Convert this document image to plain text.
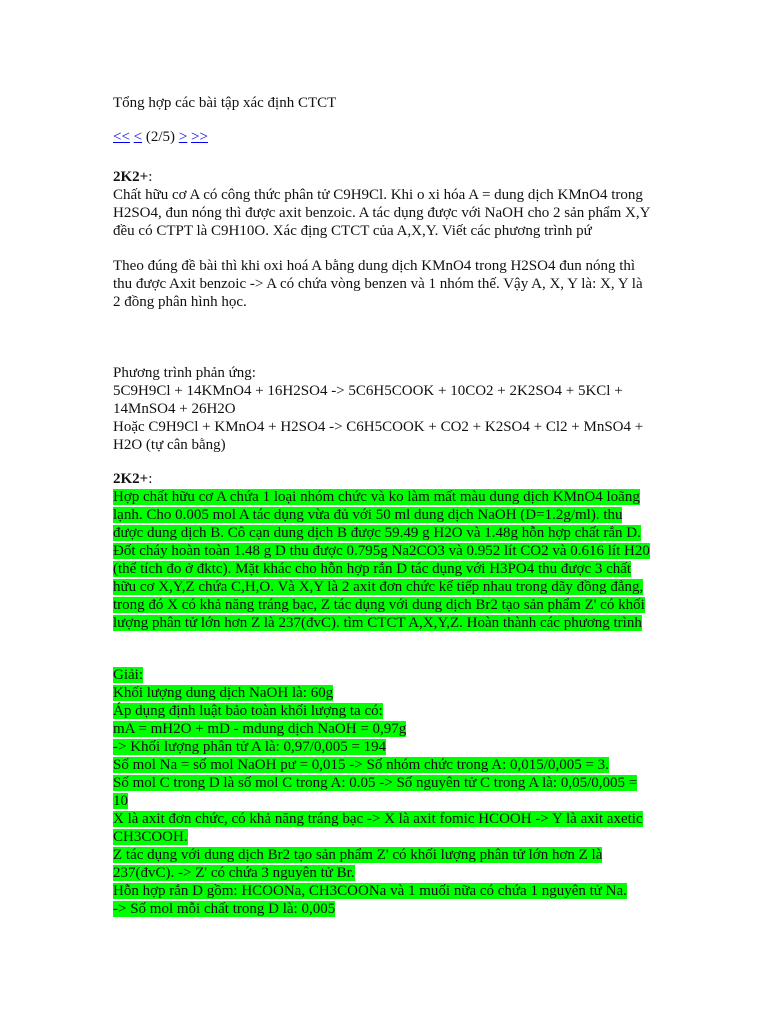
Tổng hợp các bài tập xác định CTCT
<< < (2/5) > >>
2K2+:
Chất hữu cơ A có công thức phân tử C9H9Cl. Khi o xi hóa A = dung dịch KMnO4 trong
H2SO4, đun nóng thì được axit benzoic. A tác dụng được với NaOH cho 2 sản phẩm X,Y
đều có CTPT là C9H10O. Xác địng CTCT của A,X,Y. Viết các phương trình pứ
Theo đúng đề bài thì khi oxi hoá A bằng dung dịch KMnO4 trong H2SO4 đun nóng thì
thu được Axit benzoic -> A có chứa vòng benzen và 1 nhóm thế. Vậy A, X, Y là: X, Y là
2 đồng phân hình học.
Phương trình phản ứng:
5C9H9Cl + 14KMnO4 + 16H2SO4 -> 5C6H5COOK + 10CO2 + 2K2SO4 + 5KCl +
14MnSO4 + 26H2O
Hoặc C9H9Cl + KMnO4 + H2SO4 -> C6H5COOK + CO2 + K2SO4 + Cl2 + MnSO4 +
H2O (tự cân bằng)
2K2+:
Hợp chất hữu cơ A chứa 1 loại nhóm chức và ko làm mất màu dung dịch KMnO4 loãng
lạnh. Cho 0.005 mol A tác dụng vừa đủ với 50 ml dung dịch NaOH (D=1.2g/ml). thu
được dung dịch B. Cô cạn dung dịch B được 59.49 g H2O và 1.48g hỗn hợp chất rắn D.
Đốt cháy hoàn toàn 1.48 g D thu được 0.795g Na2CO3 và 0.952 lít CO2 và 0.616 lít H20
(thể tích đo ở đktc). Mặt khác cho hỗn hợp rắn D tác dụng với H3PO4 thu được 3 chất
hữu cơ X,Y,Z chứa C,H,O. Và X,Y là 2 axit đơn chức kế tiếp nhau trong dãy đồng đẳng,
trong đó X có khả năng tráng bạc, Z tác dụng với dung dịch Br2 tạo sản phẩm Z' có khối
lượng phân tử lớn hơn Z là 237(đvC). tìm CTCT A,X,Y,Z. Hoàn thành các phương trình
Giải:
Khối lượng dung dịch NaOH là: 60g
Áp dụng định luật bảo toàn khối lượng ta có:
mA = mH2O + mD - mdung dịch NaOH = 0,97g
-> Khối lượng phân tử A là: 0,97/0,005 = 194
Số mol Na = số mol NaOH pư = 0,015 -> Số nhóm chức trong A: 0,015/0,005 = 3.
Số mol C trong D là số mol C trong A: 0.05 -> Số nguyên tử C trong A là: 0,05/0,005 =
10
X là axit đơn chức, có khả năng tráng bạc -> X là axit fomic HCOOH -> Y là axit axetic
CH3COOH.
Z tác dụng với dung dịch Br2 tạo sản phẩm Z' có khối lượng phân tử lớn hơn Z là
237(đvC). -> Z' có chứa 3 nguyên tử Br.
Hỗn hợp rắn D gồm: HCOONa, CH3COONa và 1 muối nữa có chứa 1 nguyên tử Na.
-> Số mol mỗi chất trong D là: 0,005
